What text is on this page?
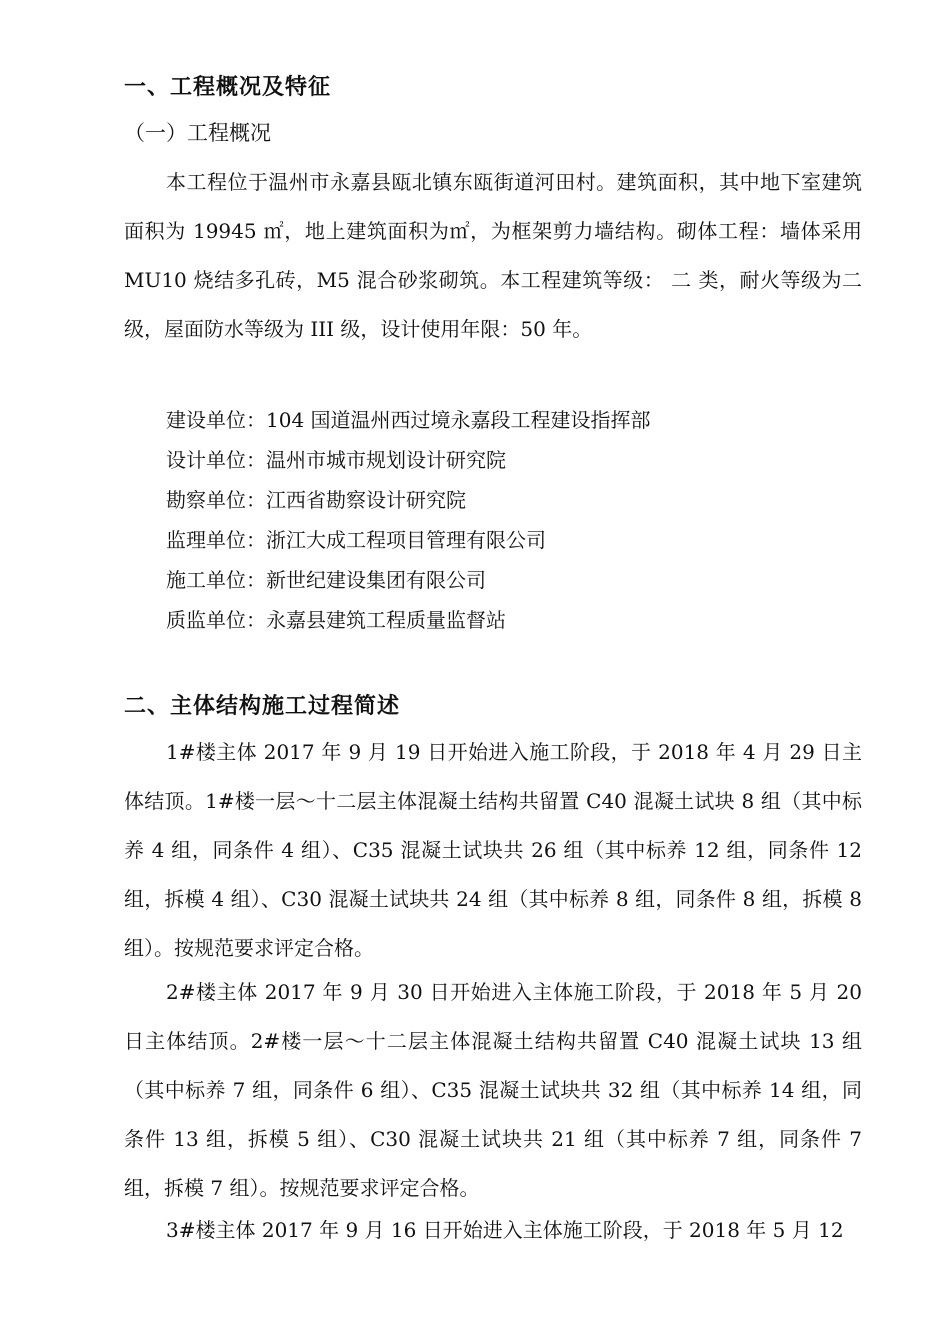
一、工程概况及特征
（一）工程概况

本工程位于温州市永嘉县瓯北镇东瓯街道河田村。建筑面积，其中地下室建筑面积为 19945 ㎡，地上建筑面积为㎡，为框架剪力墙结构。砌体工程：墙体采用 MU10 烧结多孔砖，M5 混合砂浆砌筑。本工程建筑等级： 二 类，耐火等级为二级，屋面防水等级为 III 级，设计使用年限：50 年。

建设单位：104 国道温州西过境永嘉段工程建设指挥部
设计单位：温州市城市规划设计研究院
勘察单位：江西省勘察设计研究院
监理单位：浙江大成工程项目管理有限公司
施工单位：新世纪建设集团有限公司
质监单位：永嘉县建筑工程质量监督站
二、主体结构施工过程简述

1#楼主体 2017 年 9 月 19 日开始进入施工阶段，于 2018 年 4 月 29 日主体结顶。1#楼一层～十二层主体混凝土结构共留置 C40 混凝土试块 8 组（其中标养 4 组，同条件 4 组）、C35 混凝土试块共 26 组（其中标养 12 组，同条件 12 组，拆模 4 组）、C30 混凝土试块共 24 组（其中标养 8 组，同条件 8 组，拆模 8 组）。按规范要求评定合格。

2#楼主体 2017 年 9 月 30 日开始进入主体施工阶段，于 2018 年 5 月 20 日主体结顶。2#楼一层～十二层主体混凝土结构共留置 C40 混凝土试块 13 组（其中标养 7 组，同条件 6 组）、C35 混凝土试块共 32 组（其中标养 14 组，同条件 13 组，拆模 5 组）、C30 混凝土试块共 21 组（其中标养 7 组，同条件 7 组，拆模 7 组）。按规范要求评定合格。

3#楼主体 2017 年 9 月 16 日开始进入主体施工阶段，于 2018 年 5 月 12
